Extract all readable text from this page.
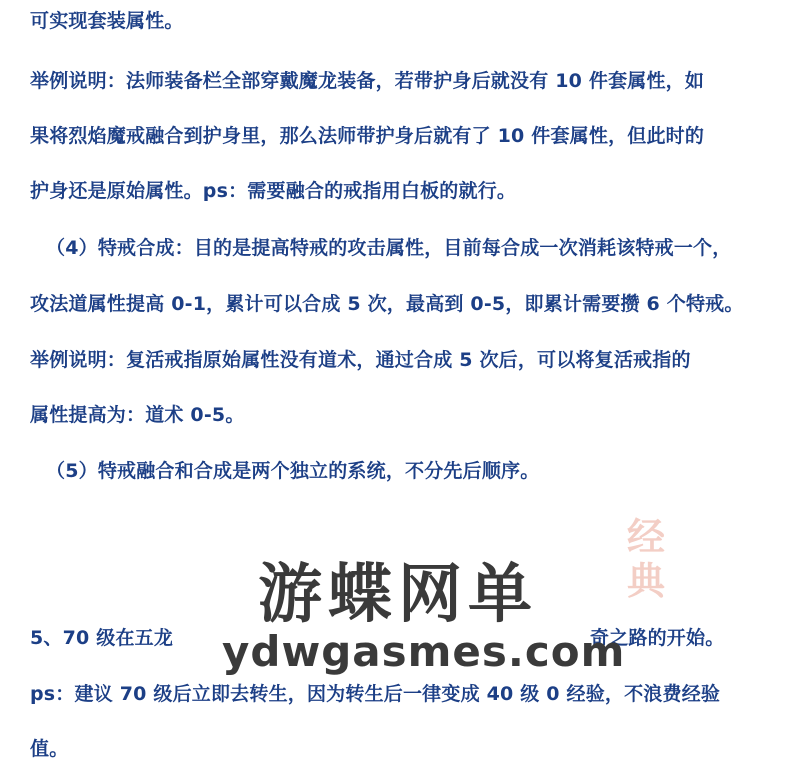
可实现套装属性。
举例说明：法师装备栏全部穿戴魔龙装备，若带护身后就没有 10 件套属性，如
果将烈焰魔戒融合到护身里，那么法师带护身后就有了 10 件套属性，但此时的
护身还是原始属性。ps：需要融合的戒指用白板的就行。
（4）特戒合成：目的是提高特戒的攻击属性，目前每合成一次消耗该特戒一个，
攻法道属性提高 0-1，累计可以合成 5 次，最高到 0-5，即累计需要攒 6 个特戒。
举例说明：复活戒指原始属性没有道术，通过合成 5 次后，可以将复活戒指的
属性提高为：道术 0-5。
（5）特戒融合和合成是两个独立的系统，不分先后顺序。
5、70 级在五龙	奇之路的开始。
ps：建议 70 级后立即去转生，因为转生后一律变成 40 级 0 经验，不浪费经验
值。
经
典
游蝶网单
ydwgasmes.com
